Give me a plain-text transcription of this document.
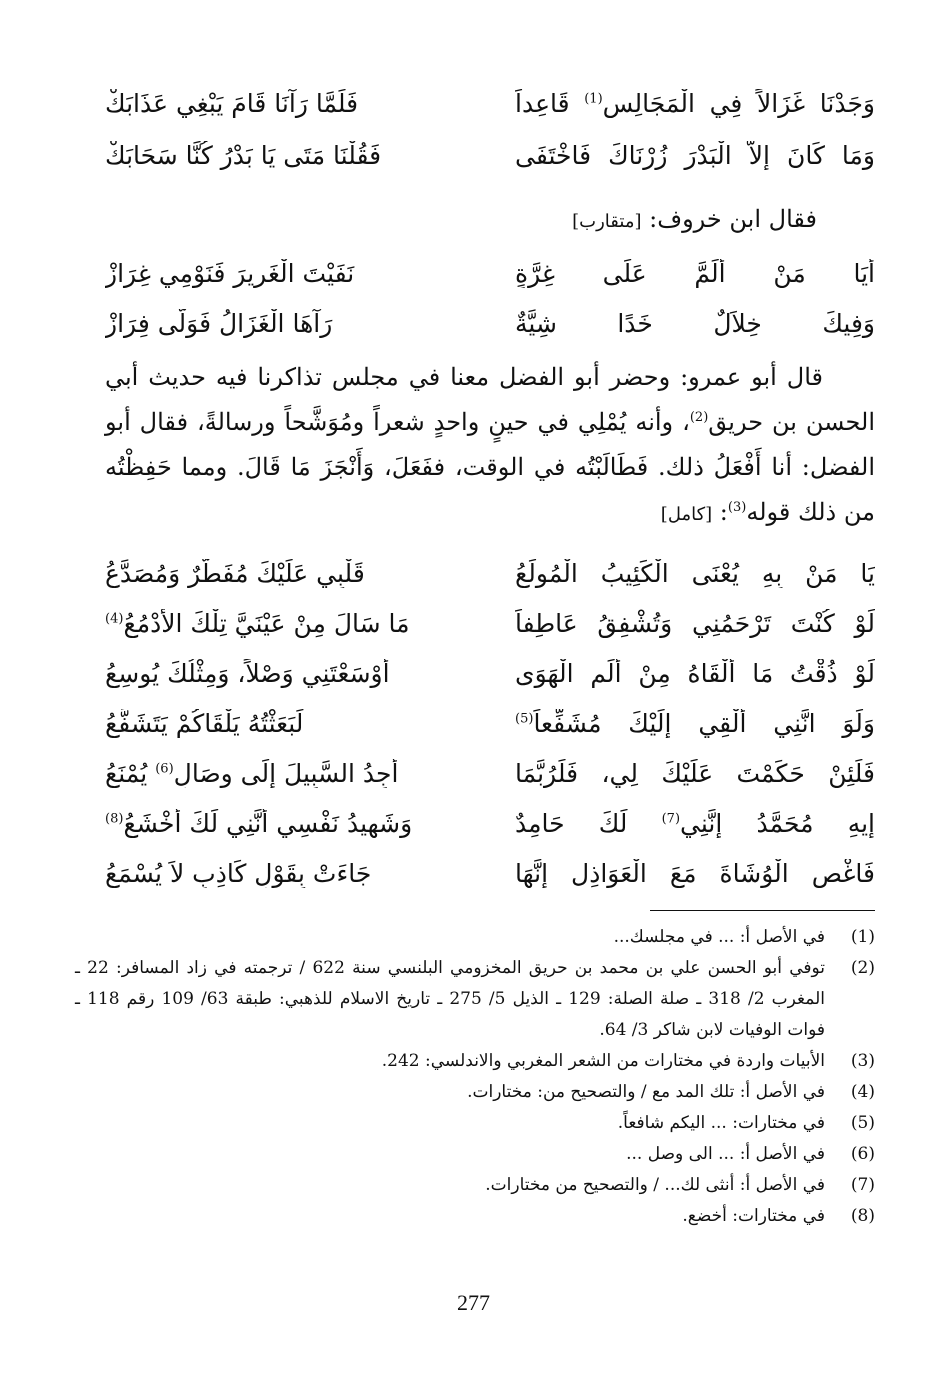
وَجَدْنَا غَزَالاً فِي الْمَجَالِسِ$^{(1)}$ قَاعِداً
فَلَمَّا رَآنَا قَامَ يَبْغِي عَذَابَكْ
وَمَا كَانَ إِلاَّ الْبَدْرَ زُرْنَاكَ فَاخْتَفَى
فَقُلْنَا مَتَى يَا بَدْرُ كُنَّا سَحَابَكْ
فقال ابن خروف: [متقارب]
أَيَا مَنْ أَلَمَّ عَلَى غِرَّةٍ
نَفَيْتَ الْغَرِيرَ فَنَوْمِي غِرَازْ
وَفِيكَ خِلاَلٌ خَدًا شِيَّةٌ
رَآهَا الْغَزَالُ فَوَلَّى فِرَازْ
قال أبو عمرو: وحضر أبو الفضل معنا في مجلس تذاكرنا فيه حديث أبي الحسن بن حريق$^{(2)}$، وأنه يُمْلِي في حينٍ واحدٍ شعراً ومُوَشَّحاً ورسالةً، فقال أبو الفضل: أنا أَفْعَلُ ذلك. فَطَالَبْتُه في الوقت، ففَعَلَ، وَأَنْجَزَ مَا قَالَ. ومما حَفِظْتُه من ذلك قوله$^{(3)}$: [كامل]
يَا مَنْ بِهِ يُعْنَى الْكَئِيبُ الْمُولَعُ
قَلْبِي عَلَيْكَ مُفَطَّرٌ وَمُصَدَّعُ
لَوْ كُنْتَ تَرْحَمُنِي وَتُشْفِقُ عَاطِفاً
مَا سَالَ مِنْ عَيْنَيَّ تِلْكَ الأَدْمُعُ$^{(4)}$
لَوْ ذُقْتُ مَا أَلْقَاهُ مِنْ أَلَمِ الْهَوَى
أَوْسَعْتَنِي وَصْلاً، وَمِثْلُكَ يُوسِعُ
وَلَوَ انَّنِي أُلْقِي إِلَيْكَ مُشَفِّعاً$^{(5)}$
لَبَعَثْتُهُ يَلْقَاكُمْ يَتَشَفَّعُ
فَلَئِنْ حَكَمْتَ عَلَيْكَ لِي، فَلَرُبَّمَا
أَجِدُ السَّبِيلَ إِلَى وِصَالٍ$^{(6)}$ يُمْنَعُ
إِيهِ مُحَمَّدُ إِنَّنِي$^{(7)}$ لَكَ حَامِدٌ
وَشَهِيدُ نَفْسِي أَنَّنِي لَكَ أَخْشَعُ$^{(8)}$
فَاغْصِ الْوُشَاةَ مَعَ الْعَوَاذِلِ إِنَّهَا
جَاءَتْ بِقَوْلٍ كَاذِبٍ لاَ يُسْمَعُ
(1)
في الأصل أ: ... في مجلسك...
(2)
توفي أبو الحسن علي بن محمد بن حريق المخزومي البلنسي سنة 622 / ترجمته في زاد المسافر: 22 ـ المغرب 2/ 318 ـ صلة الصلة: 129 ـ الذيل 5/ 275 ـ تاريخ الاسلام للذهبي: طبقة 63/ 109 رقم 118 ـ فوات الوفيات لابن شاكر 3/ 64.
(3)
الأبيات واردة في مختارات من الشعر المغربي والاندلسي: 242.
(4)
في الأصل أ: تلك المد مع / والتصحيح من: مختارات.
(5)
في مختارات: ... اليكم شافعاً.
(6)
في الأصل أ: ... الى وصل ...
(7)
في الأصل أ: أنثى لك... / والتصحيح من مختارات.
(8)
في مختارات: أخضع.
277
